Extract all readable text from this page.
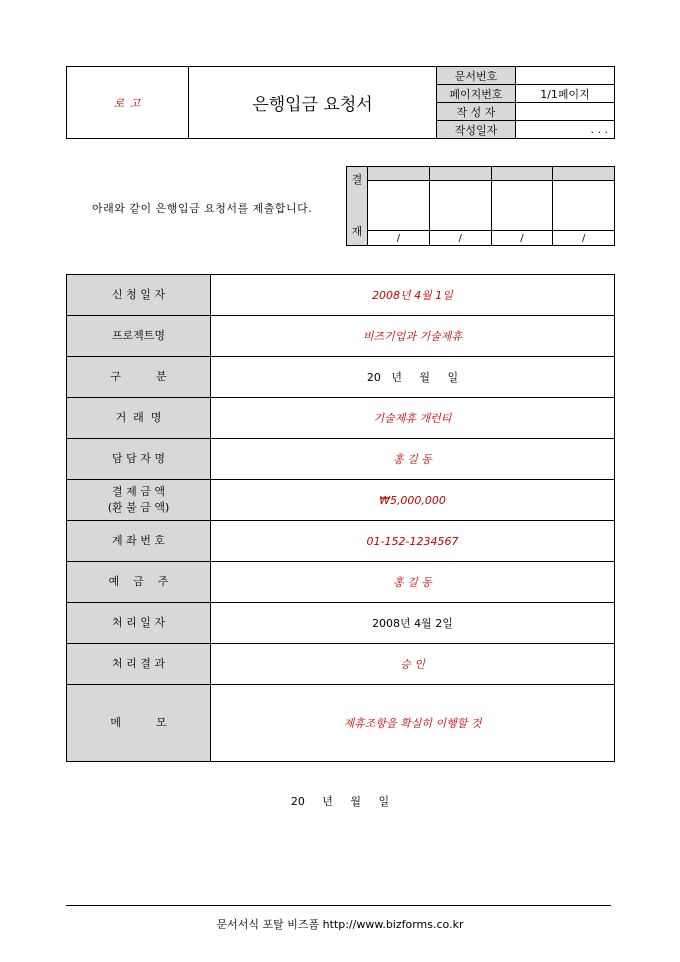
로 고	은행입금 요청서	문서번호	
		페이지번호	1/1페이지
		작 성 자	
		작성일자	. . .
아래와 같이 은행입금 요청서를 제출합니다.
결

재				

	/	/	/	/
신 청 일 자	2008년 4월 1일
프로젝트명	비즈기업과 기술제휴
구          분	20   년     월     일
거  래  명	기술제휴 개런티
담 담 자 명	홍 길 동

결 제 금 액
(환 불 금 액)	₩5,000,000
계 좌 번 호	01-152-1234567
예    금    주	홍 길 동
처 리 일 자	2008년 4월 2일
처 리 결 과	승 인
메          모	제휴조항을 확실히 이행할 것
20     년     월     일
문서서식 포탈 비즈폼 http://www.bizforms.co.kr
